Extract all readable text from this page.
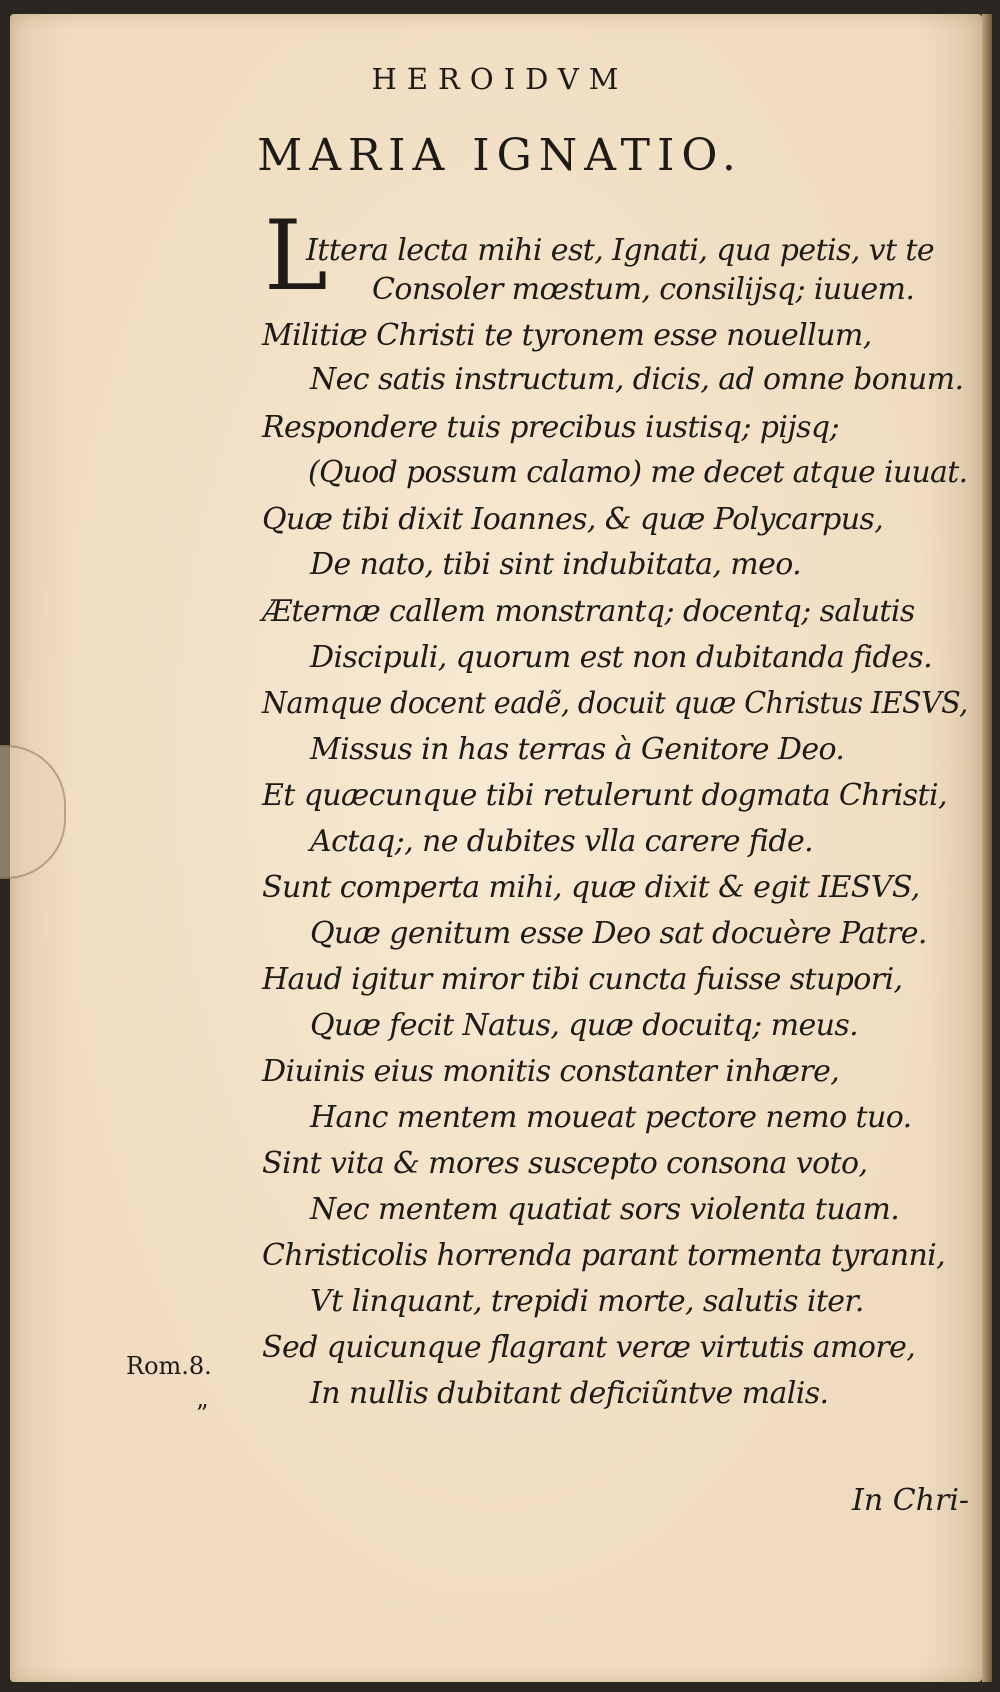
HEROIDVM
MARIA IGNATIO.
L
Ittera lecta mihi est, Ignati, qua petis, vt te
Consoler mœstum, consilijsq; iuuem.
Militiæ Christi te tyronem esse nouellum,
Nec satis instructum, dicis, ad omne bonum.
Respondere tuis precibus iustisq; pijsq;
(Quod possum calamo) me decet atque iuuat.
Quæ tibi dixit Ioannes, & quæ Polycarpus,
De nato, tibi sint indubitata, meo.
Æternæ callem monstrantq; docentq; salutis
Discipuli, quorum est non dubitanda fides.
Namque docent eadẽ, docuit quæ Christus IESVS,
Missus in has terras à Genitore Deo.
Et quæcunque tibi retulerunt dogmata Christi,
Actaq;, ne dubites vlla carere fide.
Sunt comperta mihi, quæ dixit & egit IESVS,
Quæ genitum esse Deo sat docuère Patre.
Haud igitur miror tibi cuncta fuisse stupori,
Quæ fecit Natus, quæ docuitq; meus.
Diuinis eius monitis constanter inhære,
Hanc mentem moueat pectore nemo tuo.
Sint vita & mores suscepto consona voto,
Nec mentem quatiat sors violenta tuam.
Christicolis horrenda parant tormenta tyranni,
Vt linquant, trepidi morte, salutis iter.
Sed quicunque flagrant veræ virtutis amore,
In nullis dubitant deficiũntve malis.
Rom.8.
”
In Chri-
